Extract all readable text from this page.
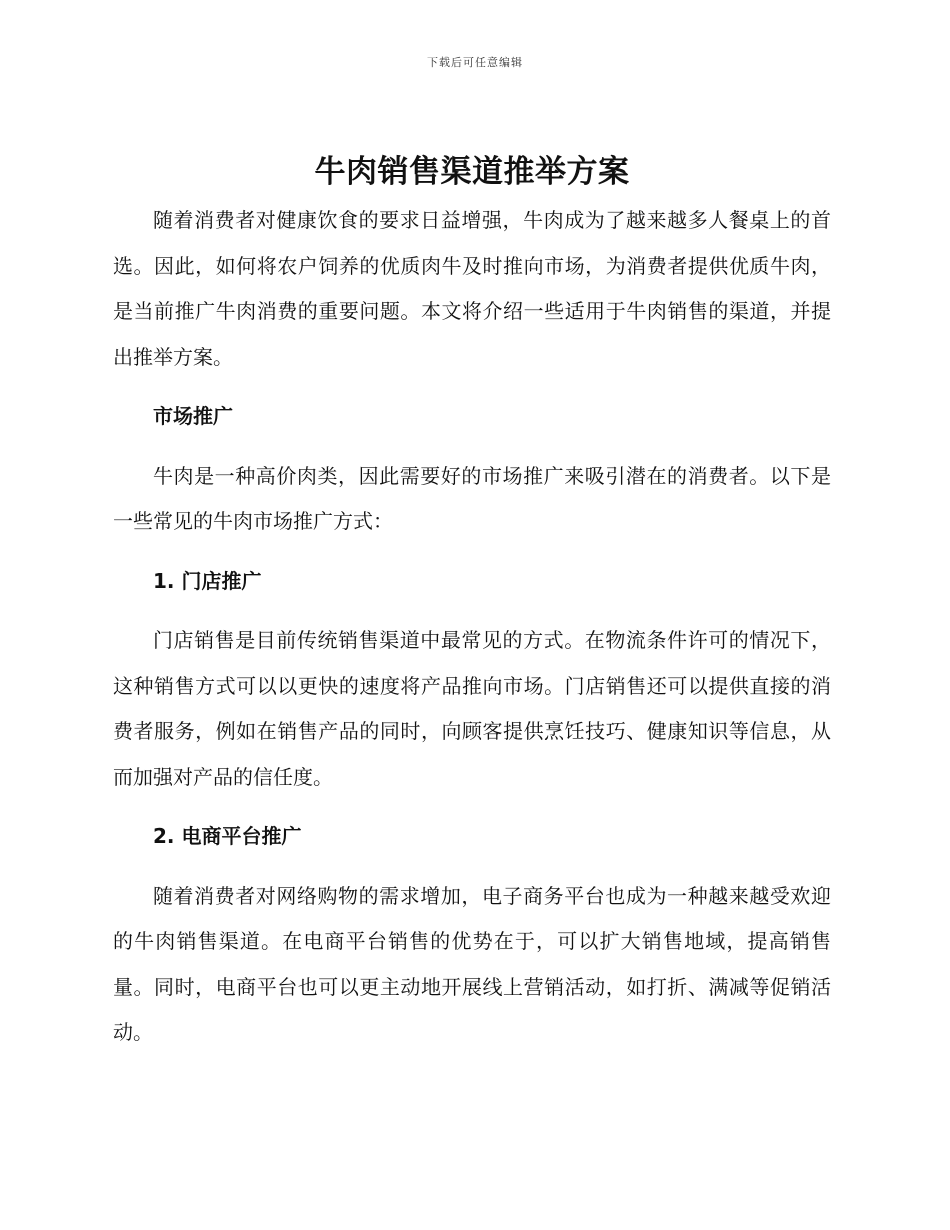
下载后可任意编辑
牛肉销售渠道推举方案

随着消费者对健康饮食的要求日益增强，牛肉成为了越来越多人餐桌上的首选。因此，如何将农户饲养的优质肉牛及时推向市场，为消费者提供优质牛肉，是当前推广牛肉消费的重要问题。本文将介绍一些适用于牛肉销售的渠道，并提出推举方案。

市场推广

牛肉是一种高价肉类，因此需要好的市场推广来吸引潜在的消费者。以下是一些常见的牛肉市场推广方式：

1. 门店推广

门店销售是目前传统销售渠道中最常见的方式。在物流条件许可的情况下，这种销售方式可以以更快的速度将产品推向市场。门店销售还可以提供直接的消费者服务，例如在销售产品的同时，向顾客提供烹饪技巧、健康知识等信息，从而加强对产品的信任度。

2. 电商平台推广

随着消费者对网络购物的需求增加，电子商务平台也成为一种越来越受欢迎的牛肉销售渠道。在电商平台销售的优势在于，可以扩大销售地域，提高销售量。同时，电商平台也可以更主动地开展线上营销活动，如打折、满减等促销活动。
